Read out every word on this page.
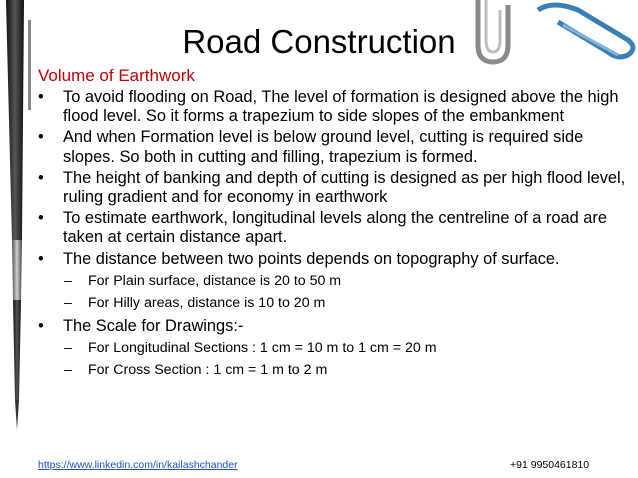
Road Construction
Volume of Earthwork
•	To avoid flooding on Road, The level of formation is designed above the high flood level. So it forms a trapezium to side slopes of the embankment
•	And when Formation level is below ground level, cutting is required side slopes. So both in cutting and filling, trapezium is formed.
•	The height of banking and depth of cutting is designed as per high flood level, ruling gradient and for economy in earthwork
•	To estimate earthwork, longitudinal levels along the centreline of a road are taken at certain distance apart.
•	The distance between two points depends on topography of surface.
– For Plain surface, distance is 20 to 50 m
– For Hilly areas, distance is 10 to 20 m
•	The Scale for Drawings:-
– For Longitudinal Sections : 1 cm = 10 m to 1 cm = 20 m
– For Cross Section : 1 cm = 1 m to 2 m
https://www.linkedin.com/in/kailashchander	+91 9950461810
